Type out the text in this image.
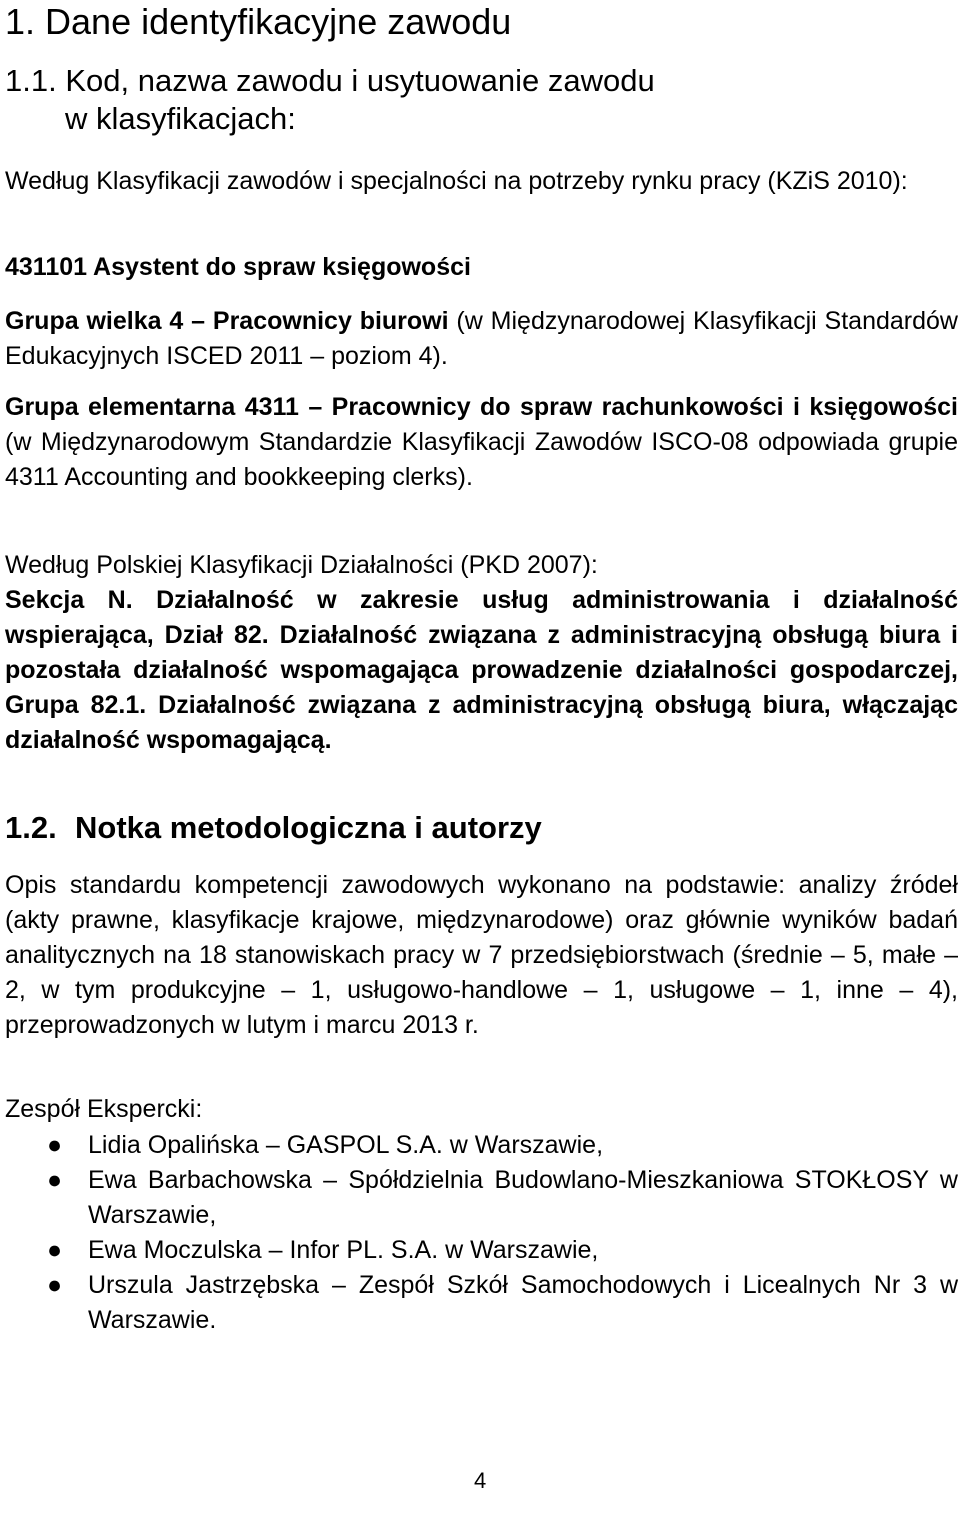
1. Dane identyfikacyjne zawodu
1.1. Kod, nazwa zawodu i usytuowanie zawodu
w klasyfikacjach:
Według Klasyfikacji zawodów i specjalności na potrzeby rynku pracy (KZiS 2010):
431101 Asystent do spraw księgowości
Grupa wielka 4 – Pracownicy biurowi (w Międzynarodowej Klasyfikacji Standardów Edukacyjnych ISCED 2011 – poziom 4).
Grupa elementarna 4311 – Pracownicy do spraw rachunkowości i księgowości (w Międzynarodowym Standardzie Klasyfikacji Zawodów ISCO-08 odpowiada grupie 4311 Accounting and bookkeeping clerks).
Według Polskiej Klasyfikacji Działalności (PKD 2007):
Sekcja N. Działalność w zakresie usług administrowania i działalność wspierająca, Dział 82. Działalność związana z administracyjną obsługą biura i pozostała działalność wspomagająca prowadzenie działalności gospodarczej, Grupa 82.1. Działalność związana z administracyjną obsługą biura, włączając działalność wspomagającą.
1.2. Notka metodologiczna i autorzy
Opis standardu kompetencji zawodowych wykonano na podstawie: analizy źródeł (akty prawne, klasyfikacje krajowe, międzynarodowe) oraz głównie wyników badań analitycznych na 18 stanowiskach pracy w 7 przedsiębiorstwach (średnie – 5, małe – 2, w tym produkcyjne – 1, usługowo-handlowe – 1, usługowe – 1, inne – 4), przeprowadzonych w lutym i marcu 2013 r.
Zespół Ekspercki:
● Lidia Opalińska – GASPOL S.A. w Warszawie,
● Ewa Barbachowska – Spółdzielnia Budowlano-Mieszkaniowa STOKŁOSY w Warszawie,
● Ewa Moczulska – Infor PL. S.A. w Warszawie,
● Urszula Jastrzębska – Zespół Szkół Samochodowych i Licealnych Nr 3 w Warszawie.
4
